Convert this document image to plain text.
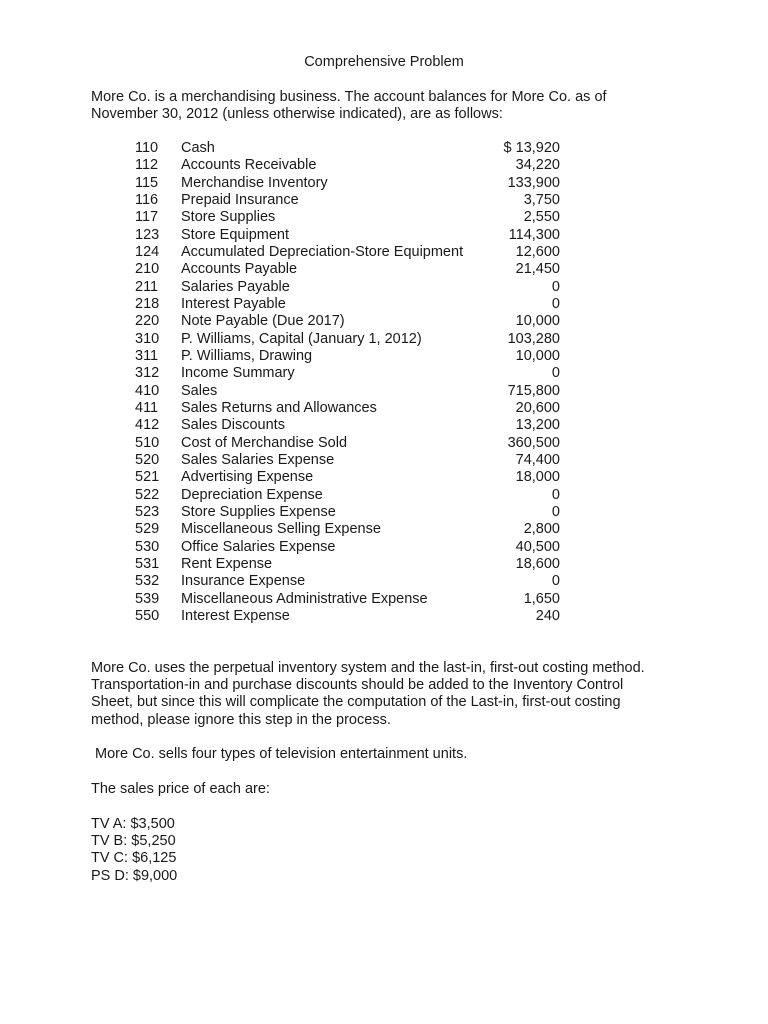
Comprehensive Problem

More Co. is a merchandising business. The account balances for More Co. as of
November 30, 2012 (unless otherwise indicated), are as follows:

110	Cash	$ 13,920
112	Accounts Receivable	34,220
115	Merchandise Inventory	133,900
116	Prepaid Insurance	3,750
117	Store Supplies	2,550
123	Store Equipment	114,300
124	Accumulated Depreciation-Store Equipment	12,600
210	Accounts Payable	21,450
211	Salaries Payable	0
218	Interest Payable	0
220	Note Payable (Due 2017)	10,000
310	P. Williams, Capital (January 1, 2012)	103,280
311	P. Williams, Drawing	10,000
312	Income Summary	0
410	Sales	715,800
411	Sales Returns and Allowances	20,600
412	Sales Discounts	13,200
510	Cost of Merchandise Sold	360,500
520	Sales Salaries Expense	74,400
521	Advertising Expense	18,000
522	Depreciation Expense	0
523	Store Supplies Expense	0
529	Miscellaneous Selling Expense	2,800
530	Office Salaries Expense	40,500
531	Rent Expense	18,600
532	Insurance Expense	0
539	Miscellaneous Administrative Expense	1,650
550	Interest Expense	240

More Co. uses the perpetual inventory system and the last-in, first-out costing method.
Transportation-in and purchase discounts should be added to the Inventory Control
Sheet, but since this will complicate the computation of the Last-in, first-out costing
method, please ignore this step in the process.

More Co. sells four types of television entertainment units.

The sales price of each are:

TV A: $3,500
TV B: $5,250
TV C: $6,125
PS D: $9,000
